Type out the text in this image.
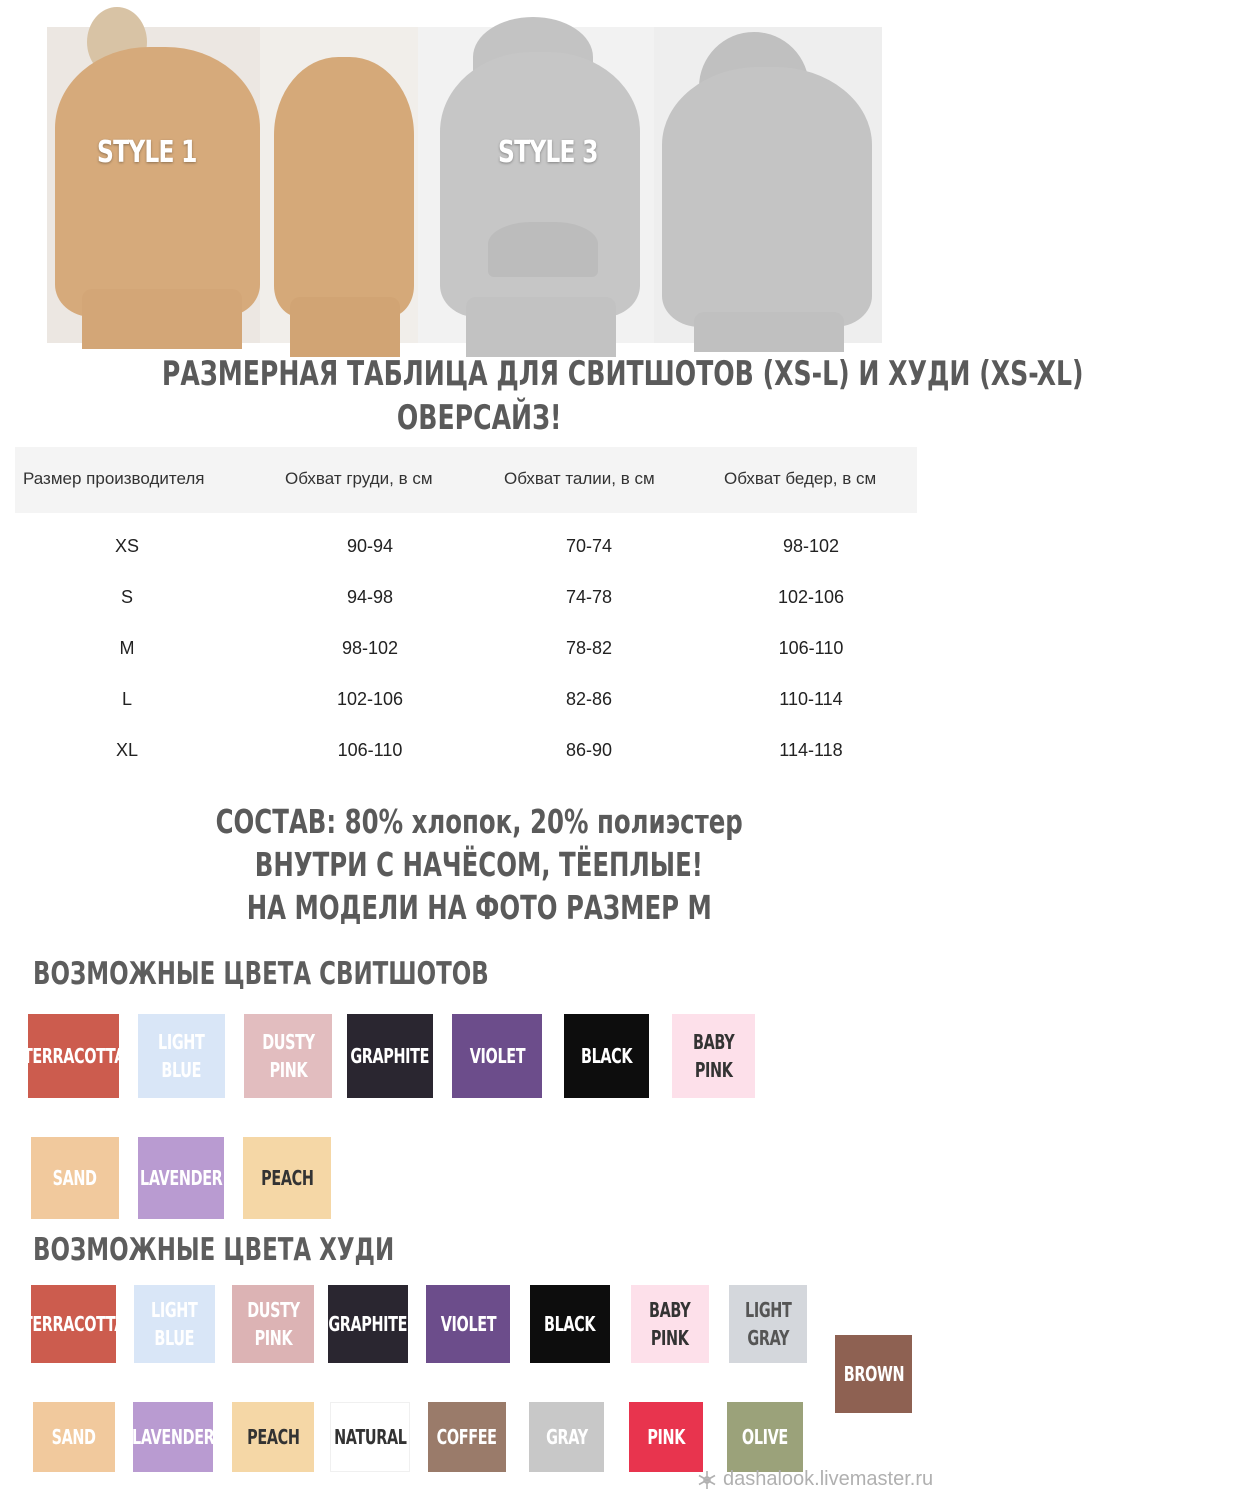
STYLE 1	STYLE 3
РАЗМЕРНАЯ ТАБЛИЦА ДЛЯ СВИТШОТОВ (XS-L) И ХУДИ (XS-XL)
ОВЕРСАЙЗ!
Размер производителя	Обхват груди, в см	Обхват талии, в см	Обхват бедер, в см
XS	90-94	70-74	98-102
S	94-98	74-78	102-106
M	98-102	78-82	106-110
L	102-106	82-86	110-114
XL	106-110	86-90	114-118
СОСТАВ: 80% хлопок, 20% полиэстер
ВНУТРИ С НАЧЁСОМ, ТЁЕПЛЫЕ!
НА МОДЕЛИ НА ФОТО РАЗМЕР М
ВОЗМОЖНЫЕ ЦВЕТА СВИТШОТОВ
TERRACOTTA
LIGHT
BLUE
DUSTY
PINK
GRAPHITE VIOLET	BLACK
BABY
PINK
SAND LAVENDER PEACH
ВОЗМОЖНЫЕ ЦВЕТА ХУДИ
TERRACOTTA
LIGHT
BLUE
DUSTY
PINK
GRAPHITE VIOLET BLACK
BABY
PINK
LIGHT
GRAY
BROWN
SAND LAVENDER PEACH NATURAL COFFEE GRAY	PINK	OLIVE
dashalook.livemaster.ru
